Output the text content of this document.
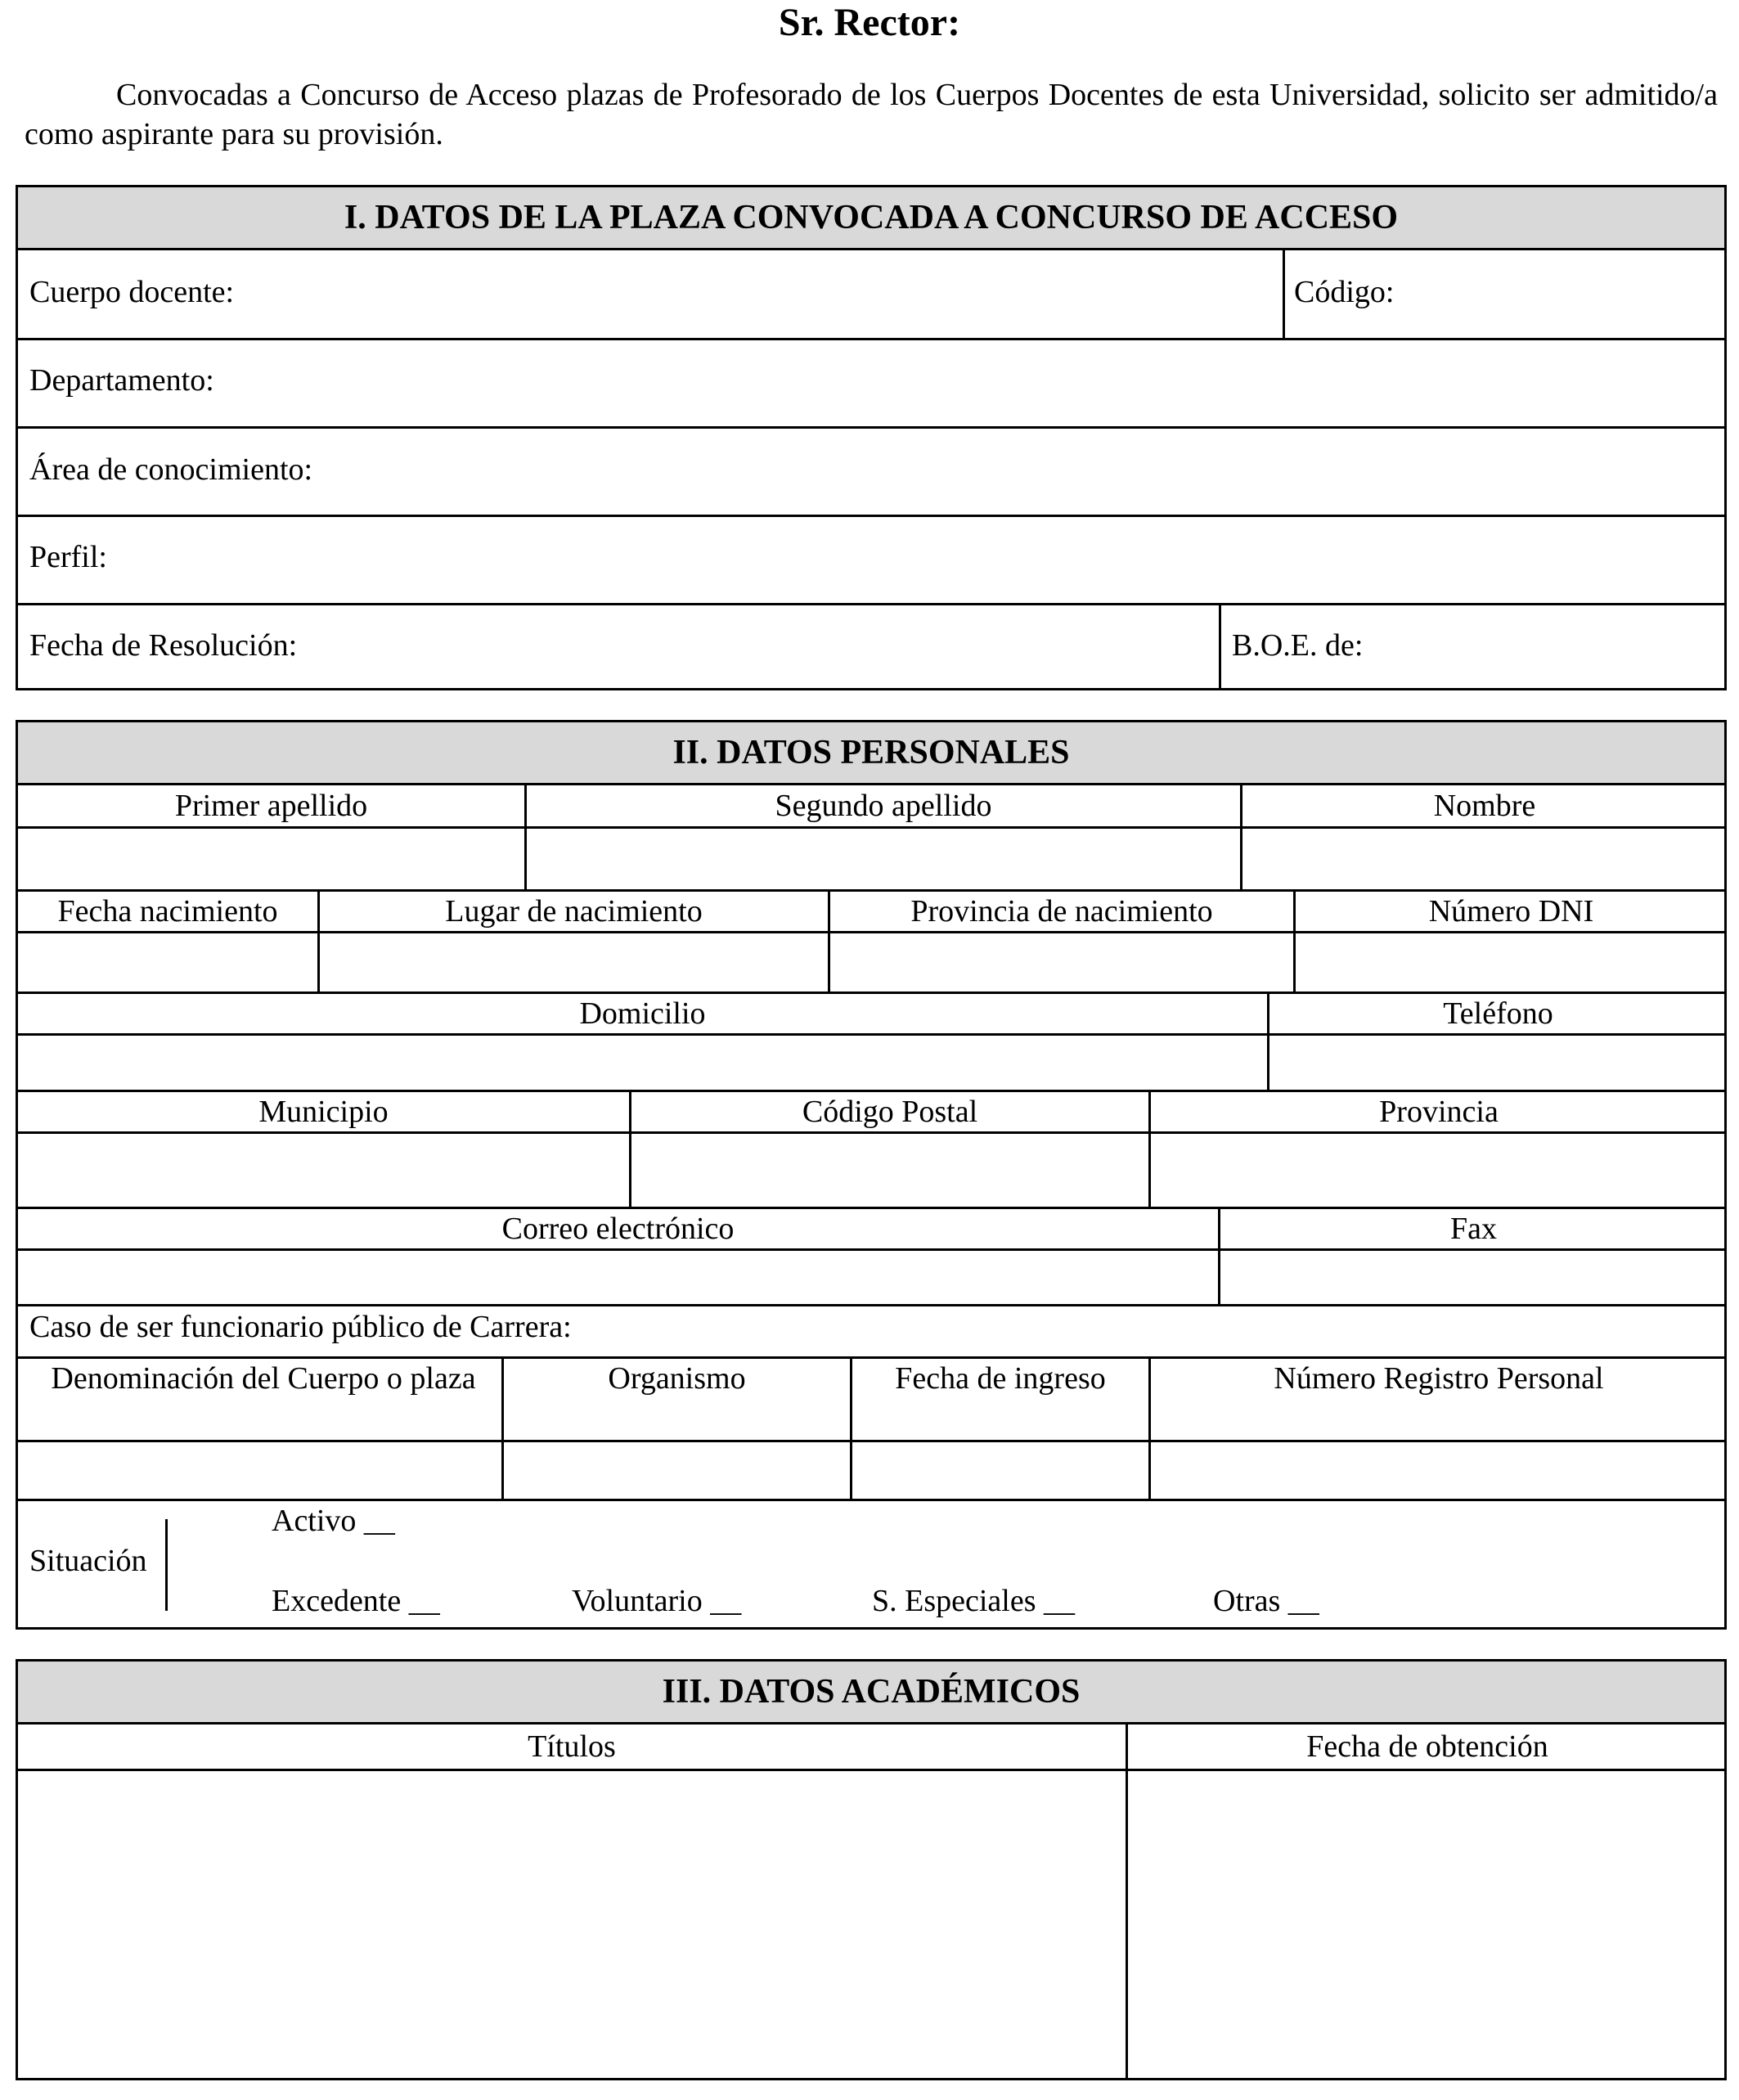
Sr. Rector:
Convocadas a Concurso de Acceso plazas de Profesorado de los Cuerpos Docentes de esta Universidad, solicito ser admitido/a como aspirante para su provisión.
I. DATOS DE LA PLAZA CONVOCADA A CONCURSO DE ACCESO
Cuerpo docente:	Código:
Departamento:
Área de conocimiento:
Perfil:
Fecha de Resolución:	B.O.E. de:
II. DATOS PERSONALES
Primer apellido	Segundo apellido	Nombre
Fecha nacimiento	Lugar de nacimiento	Provincia de nacimiento	Número DNI
Domicilio	Teléfono
Municipio	Código Postal	Provincia
Correo electrónico	Fax
Caso de ser funcionario público de Carrera:
Denominación del Cuerpo o plaza	Organismo	Fecha de ingreso	Número Registro Personal
Situación
Activo __
Excedente __	Voluntario __	S. Especiales __	Otras __
III. DATOS ACADÉMICOS
Títulos	Fecha de obtención
